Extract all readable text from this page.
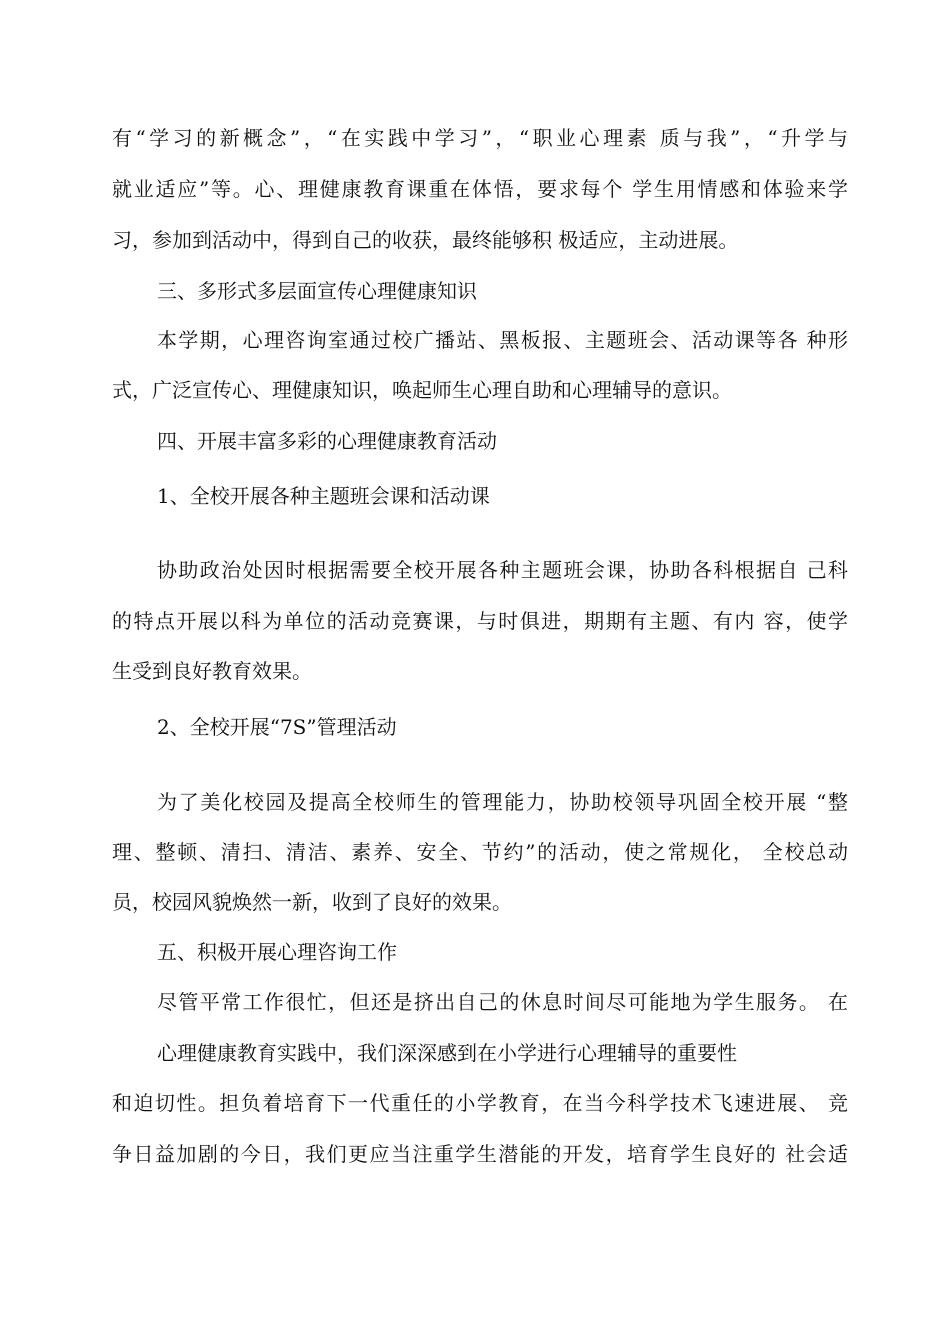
有“学习的新概念”，“在实践中学习”，“职业心理素 质与我”，“升学与

就业适应”等。心、理健康教育课重在体悟，要求每个 学生用情感和体验来学

习，参加到活动中，得到自己的收获，最终能够积 极适应，主动进展。

三、多形式多层面宣传心理健康知识

本学期，心理咨询室通过校广播站、黑板报、主题班会、活动课等各 种形

式，广泛宣传心、理健康知识，唤起师生心理自助和心理辅导的意识。

四、开展丰富多彩的心理健康教育活动

1、全校开展各种主题班会课和活动课

协助政治处因时根据需要全校开展各种主题班会课，协助各科根据自 己科

的特点开展以科为单位的活动竞赛课，与时俱进，期期有主题、有内 容，使学

生受到良好教育效果。

2、全校开展“7S”管理活动

为了美化校园及提高全校师生的管理能力，协助校领导巩固全校开展 “整

理、整顿、清扫、清洁、素养、安全、节约”的活动，使之常规化， 全校总动

员，校园风貌焕然一新，收到了良好的效果。

五、积极开展心理咨询工作

尽管平常工作很忙，但还是挤出自己的休息时间尽可能地为学生服务。 在

心理健康教育实践中，我们深深感到在小学进行心理辅导的重要性

和迫切性。担负着培育下一代重任的小学教育，在当今科学技术飞速进展、 竞

争日益加剧的今日，我们更应当注重学生潜能的开发，培育学生良好的 社会适
